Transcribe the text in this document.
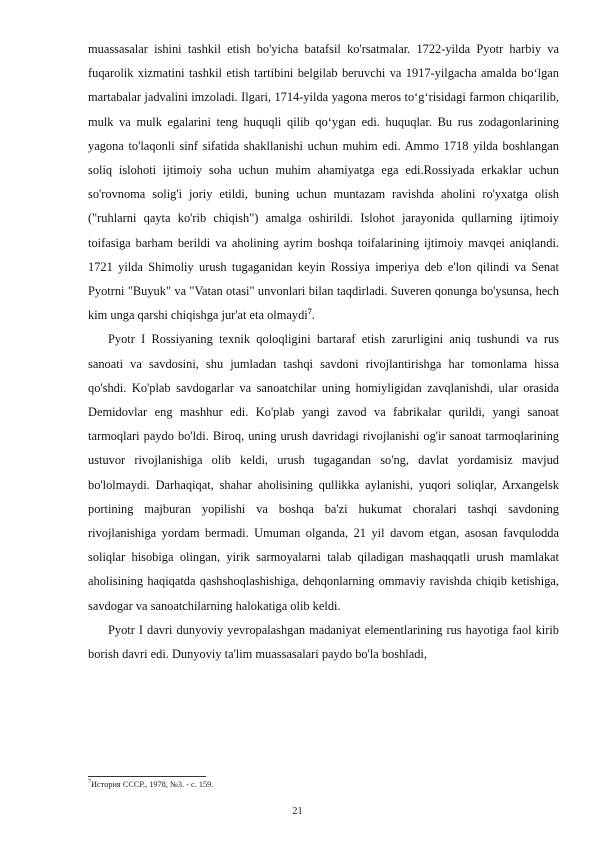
muassasalar ishini tashkil etish bo'yicha batafsil ko'rsatmalar. 1722-yilda Pyotr harbiy va fuqarolik xizmatini tashkil etish tartibini belgilab beruvchi va 1917-yilgacha amalda bo‘lgan martabalar jadvalini imzoladi. Ilgari, 1714-yilda yagona meros to‘g‘risidagi farmon chiqarilib, mulk va mulk egalarini teng huquqli qilib qo‘ygan edi. huquqlar. Bu rus zodagonlarining yagona to'laqonli sinf sifatida shakllanishi uchun muhim edi. Ammo 1718 yilda boshlangan soliq islohoti ijtimoiy soha uchun muhim ahamiyatga ega edi.Rossiyada erkaklar uchun so'rovnoma solig'i joriy etildi, buning uchun muntazam ravishda aholini ro'yxatga olish ("ruhlarni qayta ko'rib chiqish") amalga oshirildi. Islohot jarayonida qullarning ijtimoiy toifasiga barham berildi va aholining ayrim boshqa toifalarining ijtimoiy mavqei aniqlandi. 1721 yilda Shimoliy urush tugaganidan keyin Rossiya imperiya deb e'lon qilindi va Senat Pyotrni "Buyuk" va "Vatan otasi" unvonlari bilan taqdirladi. Suveren qonunga bo'ysunsa, hech kim unga qarshi chiqishga jur'at eta olmaydi$^7$.

Pyotr I Rossiyaning texnik qoloqligini bartaraf etish zarurligini aniq tushundi va rus sanoati va savdosini, shu jumladan tashqi savdoni rivojlantirishga har tomonlama hissa qo'shdi. Ko'plab savdogarlar va sanoatchilar uning homiyligidan zavqlanishdi, ular orasida Demidovlar eng mashhur edi. Ko'plab yangi zavod va fabrikalar qurildi, yangi sanoat tarmoqlari paydo bo'ldi. Biroq, uning urush davridagi rivojlanishi og'ir sanoat tarmoqlarining ustuvor rivojlanishiga olib keldi, urush tugagandan so'ng, davlat yordamisiz mavjud bo'lolmaydi. Darhaqiqat, shahar aholisining qullikka aylanishi, yuqori soliqlar, Arxangelsk portining majburan yopilishi va boshqa ba'zi hukumat choralari tashqi savdoning rivojlanishiga yordam bermadi. Umuman olganda, 21 yil davom etgan, asosan favqulodda soliqlar hisobiga olingan, yirik sarmoyalarni talab qiladigan mashaqqatli urush mamlakat aholisining haqiqatda qashshoqlashishiga, dehqonlarning ommaviy ravishda chiqib ketishiga, savdogar va sanoatchilarning halokatiga olib keldi.

Pyotr I davri dunyoviy yevropalashgan madaniyat elementlarining rus hayotiga faol kirib borish davri edi. Dunyoviy ta'lim muassasalari paydo bo'la boshladi,

$^7$История СССР., 1978, №3. - с. 159.
21
